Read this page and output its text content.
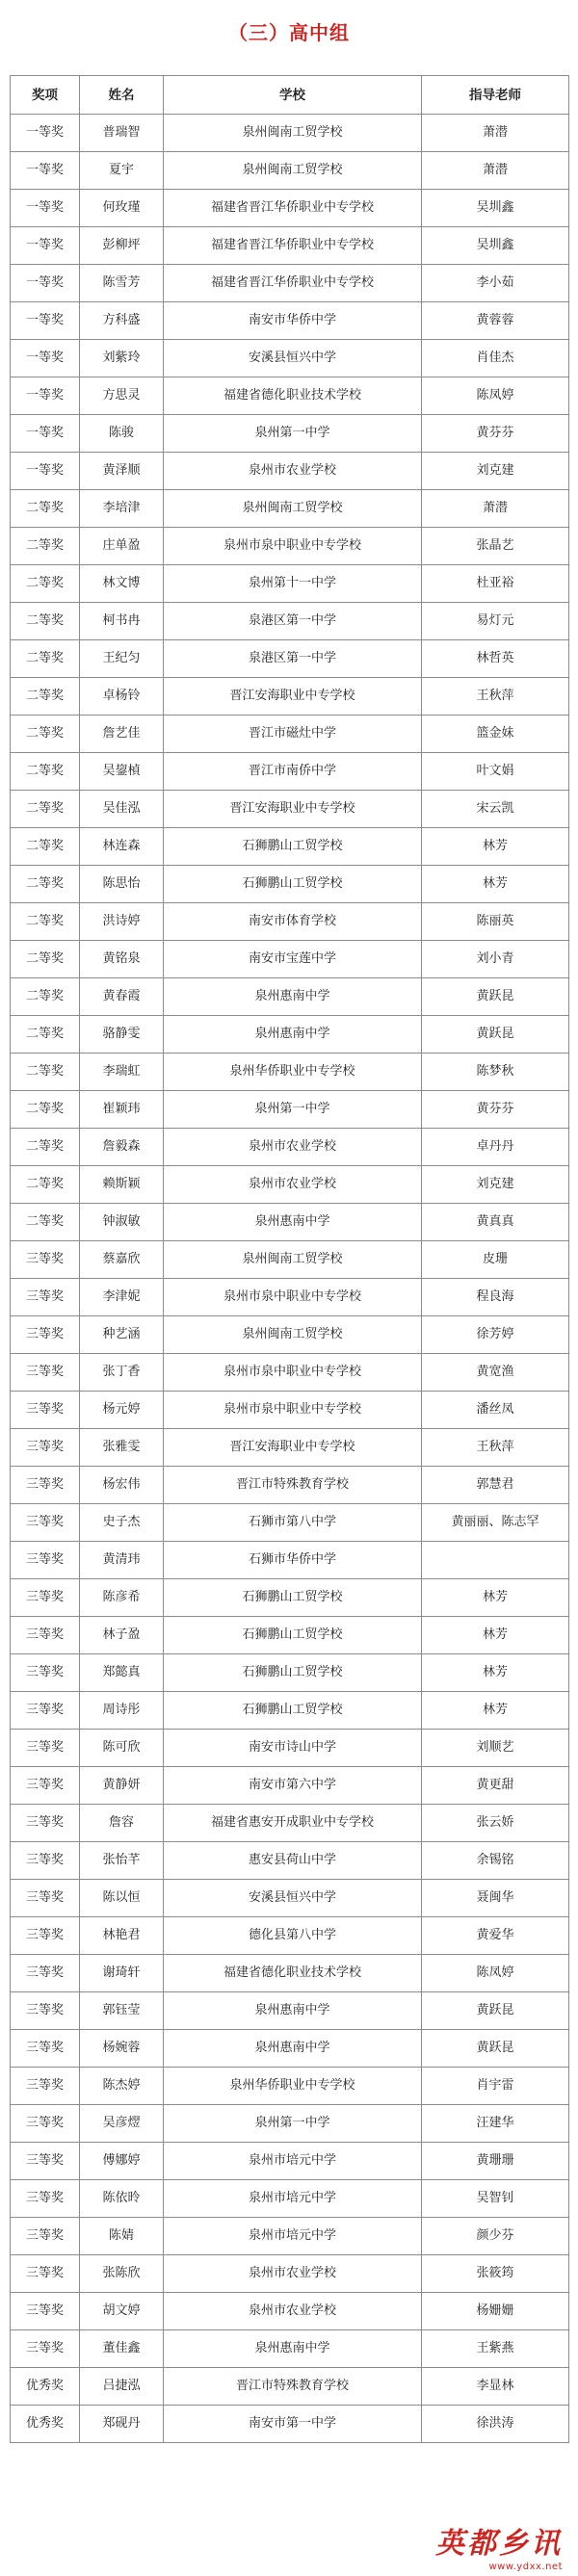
（三）高中组
奖项	姓名	学校	指导老师
一等奖	普瑞智	泉州闽南工贸学校	萧潜
一等奖	夏宇	泉州闽南工贸学校	萧潜
一等奖	何玫瑾	福建省晋江华侨职业中专学校	吴圳鑫
一等奖	彭柳坪	福建省晋江华侨职业中专学校	吴圳鑫
一等奖	陈雪芳	福建省晋江华侨职业中专学校	李小茹
一等奖	方科盛	南安市华侨中学	黄蓉蓉
一等奖	刘紫玲	安溪县恒兴中学	肖佳杰
一等奖	方思灵	福建省德化职业技术学校	陈凤婷
一等奖	陈骏	泉州第一中学	黄芬芬
一等奖	黄泽顺	泉州市农业学校	刘克建
二等奖	李培津	泉州闽南工贸学校	萧潜
二等奖	庄单盈	泉州市泉中职业中专学校	张晶艺
二等奖	林文博	泉州第十一中学	杜亚裕
二等奖	柯书冉	泉港区第一中学	易灯元
二等奖	王纪匀	泉港区第一中学	林哲英
二等奖	卓杨铃	晋江安海职业中专学校	王秋萍
二等奖	詹艺佳	晋江市磁灶中学	篮金妹
二等奖	吴鋆楨	晋江市南侨中学	叶文娟
二等奖	吴佳泓	晋江安海职业中专学校	宋云凯
二等奖	林连森	石狮鹏山工贸学校	林芳
二等奖	陈思怡	石狮鹏山工贸学校	林芳
二等奖	洪诗婷	南安市体育学校	陈丽英
二等奖	黄铭泉	南安市宝莲中学	刘小青
二等奖	黄春霞	泉州惠南中学	黄跃昆
二等奖	骆静雯	泉州惠南中学	黄跃昆
二等奖	李瑞虹	泉州华侨职业中专学校	陈梦秋
二等奖	崔颖玮	泉州第一中学	黄芬芬
二等奖	詹毅森	泉州市农业学校	卓丹丹
二等奖	赖斯颖	泉州市农业学校	刘克建
二等奖	钟淑敏	泉州惠南中学	黄真真
三等奖	蔡嘉欣	泉州闽南工贸学校	皮珊
三等奖	李津妮	泉州市泉中职业中专学校	程良海
三等奖	种艺涵	泉州闽南工贸学校	徐芳婷
三等奖	张丁香	泉州市泉中职业中专学校	黄宽渔
三等奖	杨元婷	泉州市泉中职业中专学校	潘丝凤
三等奖	张雅雯	晋江安海职业中专学校	王秋萍
三等奖	杨宏伟	晋江市特殊教育学校	郭慧君
三等奖	史子杰	石狮市第八中学	黄丽丽、陈志罕
三等奖	黄清玮	石狮市华侨中学	
三等奖	陈彦希	石狮鹏山工贸学校	林芳
三等奖	林子盈	石狮鹏山工贸学校	林芳
三等奖	郑懿真	石狮鹏山工贸学校	林芳
三等奖	周诗彤	石狮鹏山工贸学校	林芳
三等奖	陈可欣	南安市诗山中学	刘顺艺
三等奖	黄静妍	南安市第六中学	黄更甜
三等奖	詹容	福建省惠安开成职业中专学校	张云娇
三等奖	张怡芊	惠安县荷山中学	余锡铭
三等奖	陈以恒	安溪县恒兴中学	聂闽华
三等奖	林艳君	德化县第八中学	黄爱华
三等奖	谢琦轩	福建省德化职业技术学校	陈凤婷
三等奖	郭钰莹	泉州惠南中学	黄跃昆
三等奖	杨婉蓉	泉州惠南中学	黄跃昆
三等奖	陈杰婷	泉州华侨职业中专学校	肖宇雷
三等奖	吴彦熤	泉州第一中学	汪建华
三等奖	傅娜婷	泉州市培元中学	黄珊珊
三等奖	陈依昤	泉州市培元中学	吴智钊
三等奖	陈婧	泉州市培元中学	颜少芬
三等奖	张陈欣	泉州市农业学校	张筱筠
三等奖	胡文婷	泉州市农业学校	杨姗姗
三等奖	董佳鑫	泉州惠南中学	王紫燕
优秀奖	吕捷泓	晋江市特殊教育学校	李显林
优秀奖	郑砚丹	南安市第一中学	徐洪涛
英都乡讯
www.ydxx.net
